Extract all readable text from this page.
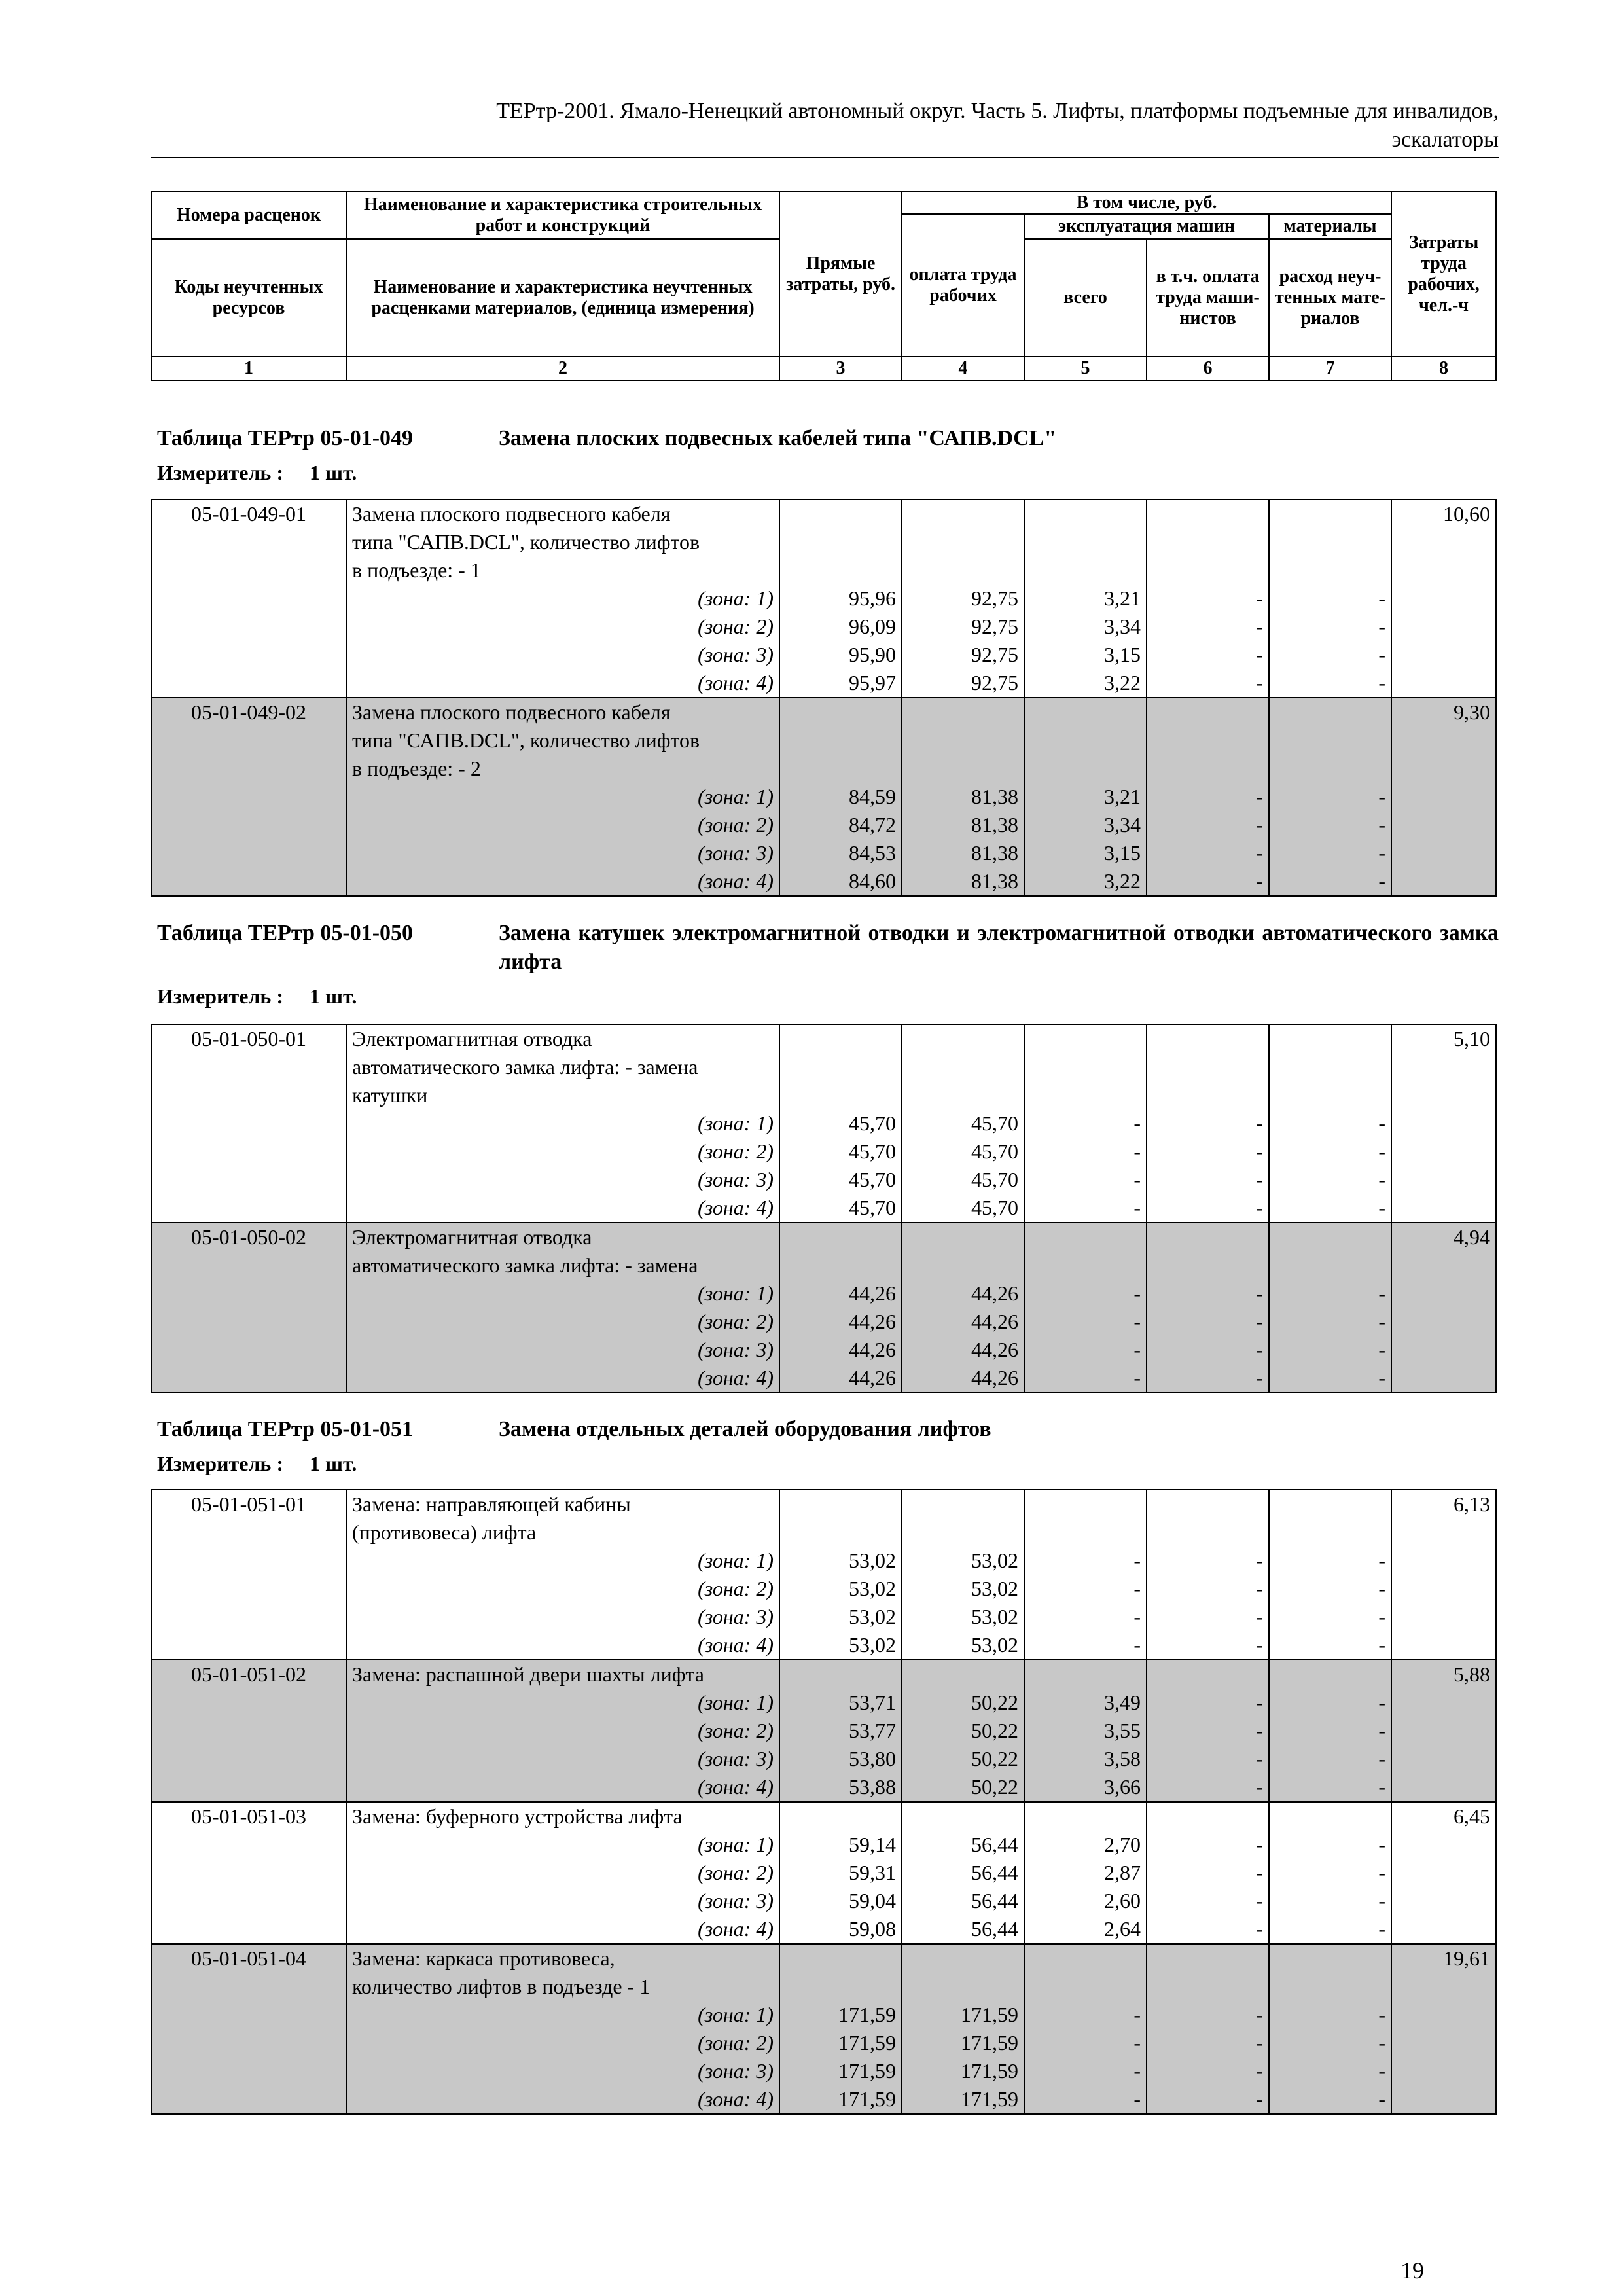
ТЕРтр-2001. Ямало-Ненецкий автономный округ. Часть 5. Лифты, платформы подъемные для инвалидов,
эскалаторы
Номера расценок	Наименование и характеристика строительных работ и конструкций	Прямые затраты, руб.	В том числе, руб.				Затраты труда рабочих, чел.-ч
			оплата труда рабочих	эксплуатация машин		материалы	
Коды неучтенных ресурсов	Наименование и характеристика неучтенных расценками материалов, (единица измерения)			всего	в т.ч. оплата труда маши- нистов	расход неуч- тенных мате- риалов	

1	2	3	4	5	6	7	8
Таблица ТЕРтр 05-01-049	Замена плоских подвесных кабелей типа "САПВ.DCL"
Измеритель : 1 шт.
05-01-049-01	Замена плоского подвесного кабеля						10,60
	типа "САПВ.DCL", количество лифтов						
	в подъезде: - 1						
	(зона: 1)	95,96	92,75	3,21	-	-	
	(зона: 2)	96,09	92,75	3,34	-	-	
	(зона: 3)	95,90	92,75	3,15	-	-	
	(зона: 4)	95,97	92,75	3,22	-	-	
05-01-049-02	Замена плоского подвесного кабеля						9,30
	типа "САПВ.DCL", количество лифтов						
	в подъезде: - 2						
	(зона: 1)	84,59	81,38	3,21	-	-	
	(зона: 2)	84,72	81,38	3,34	-	-	
	(зона: 3)	84,53	81,38	3,15	-	-	
	(зона: 4)	84,60	81,38	3,22	-	-	
Таблица ТЕРтр 05-01-050	Замена катушек электромагнитной отводки и электромагнитной отводки автоматического замка лифта
Измеритель : 1 шт.
05-01-050-01	Электромагнитная отводка						5,10
	автоматического замка лифта: - замена						
	катушки						
	(зона: 1)	45,70	45,70	-	-	-	
	(зона: 2)	45,70	45,70	-	-	-	
	(зона: 3)	45,70	45,70	-	-	-	
	(зона: 4)	45,70	45,70	-	-	-	
05-01-050-02	Электромагнитная отводка						4,94
	автоматического замка лифта: - замена						
	(зона: 1)	44,26	44,26	-	-	-	
	(зона: 2)	44,26	44,26	-	-	-	
	(зона: 3)	44,26	44,26	-	-	-	
	(зона: 4)	44,26	44,26	-	-	-	
Таблица ТЕРтр 05-01-051	Замена отдельных деталей оборудования лифтов
Измеритель : 1 шт.
05-01-051-01	Замена: направляющей кабины						6,13
	(противовеса) лифта						
	(зона: 1)	53,02	53,02	-	-	-	
	(зона: 2)	53,02	53,02	-	-	-	
	(зона: 3)	53,02	53,02	-	-	-	
	(зона: 4)	53,02	53,02	-	-	-	
05-01-051-02	Замена: распашной двери шахты лифта						5,88
	(зона: 1)	53,71	50,22	3,49	-	-	
	(зона: 2)	53,77	50,22	3,55	-	-	
	(зона: 3)	53,80	50,22	3,58	-	-	
	(зона: 4)	53,88	50,22	3,66	-	-	
05-01-051-03	Замена: буферного устройства лифта						6,45
	(зона: 1)	59,14	56,44	2,70	-	-	
	(зона: 2)	59,31	56,44	2,87	-	-	
	(зона: 3)	59,04	56,44	2,60	-	-	
	(зона: 4)	59,08	56,44	2,64	-	-	
05-01-051-04	Замена: каркаса противовеса,						19,61
	количество лифтов в подъезде - 1						
	(зона: 1)	171,59	171,59	-	-	-	
	(зона: 2)	171,59	171,59	-	-	-	
	(зона: 3)	171,59	171,59	-	-	-	
	(зона: 4)	171,59	171,59	-	-	-	
19
